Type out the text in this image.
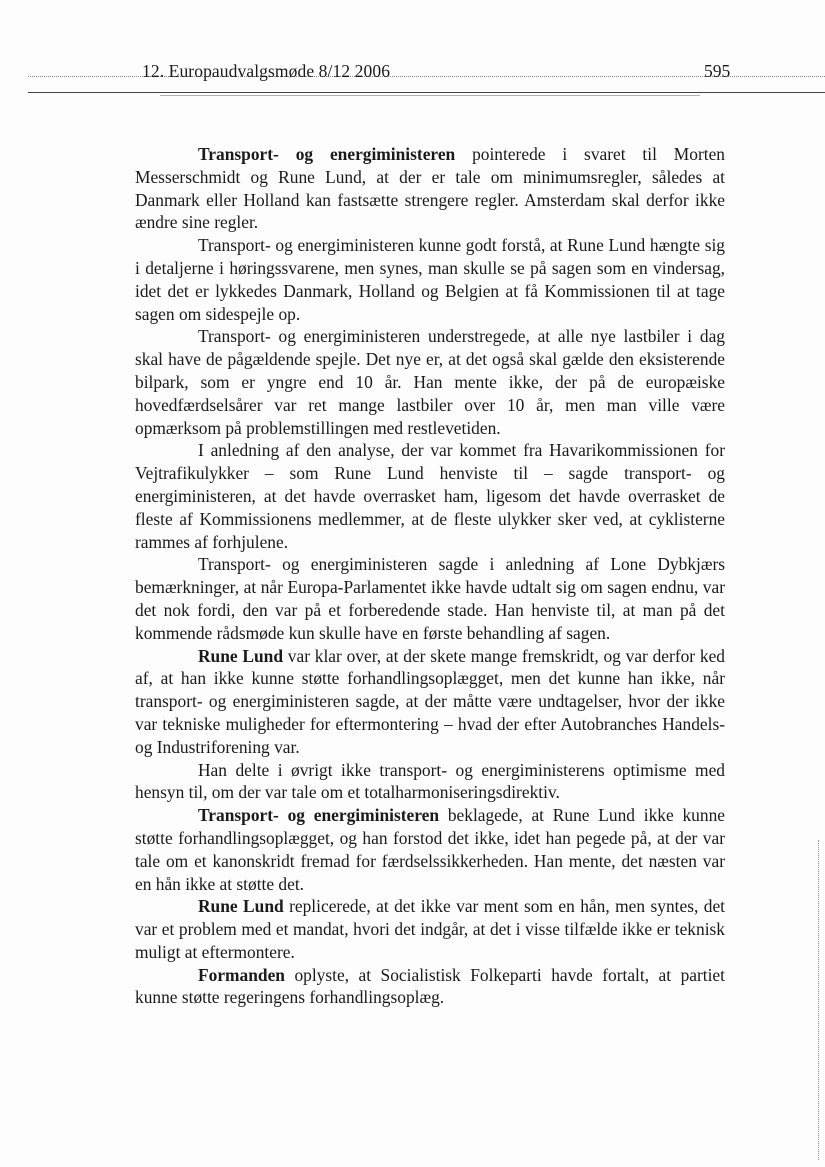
12. Europaudvalgsmøde 8/12 2006	595

Transport- og energiministeren pointerede i svaret til Morten Messerschmidt og Rune Lund, at der er tale om minimumsregler, således at Danmark eller Holland kan fastsætte strengere regler. Amsterdam skal derfor ikke ændre sine regler.

Transport- og energiministeren kunne godt forstå, at Rune Lund hængte sig i detaljerne i høringssvarene, men synes, man skulle se på sagen som en vindersag, idet det er lykkedes Danmark, Holland og Belgien at få Kommissionen til at tage sagen om sidespejle op.

Transport- og energiministeren understregede, at alle nye lastbiler i dag skal have de pågældende spejle. Det nye er, at det også skal gælde den eksisterende bilpark, som er yngre end 10 år. Han mente ikke, der på de europæiske hovedfærdselsårer var ret mange lastbiler over 10 år, men man ville være opmærksom på problemstillingen med restlevetiden.

I anledning af den analyse, der var kommet fra Havarikommissionen for Vejtrafikulykker – som Rune Lund henviste til – sagde transport- og energiministeren, at det havde overrasket ham, ligesom det havde overrasket de fleste af Kommissionens medlemmer, at de fleste ulykker sker ved, at cyklisterne rammes af forhjulene.

Transport- og energiministeren sagde i anledning af Lone Dybkjærs bemærkninger, at når Europa-Parlamentet ikke havde udtalt sig om sagen endnu, var det nok fordi, den var på et forberedende stade. Han henviste til, at man på det kommende rådsmøde kun skulle have en første behandling af sagen.

Rune Lund var klar over, at der skete mange fremskridt, og var derfor ked af, at han ikke kunne støtte forhandlingsoplægget, men det kunne han ikke, når transport- og energiministeren sagde, at der måtte være undtagelser, hvor der ikke var tekniske muligheder for eftermontering – hvad der efter Autobranches Handels- og Industriforening var.

Han delte i øvrigt ikke transport- og energiministerens optimisme med hensyn til, om der var tale om et totalharmoniseringsdirektiv.

Transport- og energiministeren beklagede, at Rune Lund ikke kunne støtte forhandlingsoplægget, og han forstod det ikke, idet han pegede på, at der var tale om et kanonskridt fremad for færdselssikkerheden. Han mente, det næsten var en hån ikke at støtte det.

Rune Lund replicerede, at det ikke var ment som en hån, men syntes, det var et problem med et mandat, hvori det indgår, at det i visse tilfælde ikke er teknisk muligt at eftermontere.

Formanden oplyste, at Socialistisk Folkeparti havde fortalt, at partiet kunne støtte regeringens forhandlingsoplæg.
